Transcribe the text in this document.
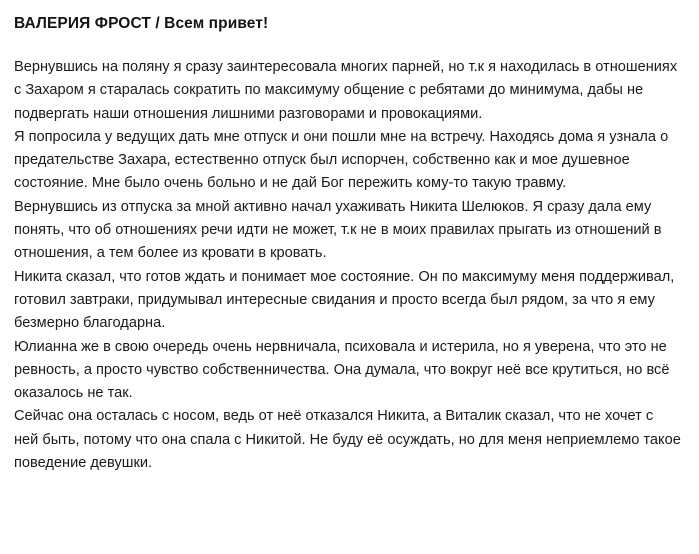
ВАЛЕРИЯ ФРОСТ / Всем привет!

Вернувшись на поляну я сразу заинтересовала многих парней, но т.к я находилась в отношениях с Захаром я старалась сократить по максимуму общение с ребятами до минимума, дабы не подвергать наши отношения лишними разговорами и провокациями.

Я попросила у ведущих дать мне отпуск и они пошли мне на встречу. Находясь дома я узнала о предательстве Захара, естественно отпуск был испорчен, собственно как и мое душевное состояние. Мне было очень больно и не дай Бог пережить кому-то такую травму.

Вернувшись из отпуска за мной активно начал ухаживать Никита Шелюков. Я сразу дала ему понять, что об отношениях речи идти не может, т.к не в моих правилах прыгать из отношений в отношения, а тем более из кровати в кровать.

Никита сказал, что готов ждать и понимает мое состояние. Он по максимуму меня поддерживал, готовил завтраки, придумывал интересные свидания и просто всегда был рядом, за что я ему безмерно благодарна.

Юлианна же в свою очередь очень нервничала, психовала и истерила, но я уверена, что это не ревность, а просто чувство собственничества. Она думала, что вокруг неё все крутиться, но всё оказалось не так.

Сейчас она осталась с носом, ведь от неё отказался Никита, а Виталик сказал, что не хочет с ней быть, потому что она спала с Никитой. Не буду её осуждать, но для меня неприемлемо такое поведение девушки.
